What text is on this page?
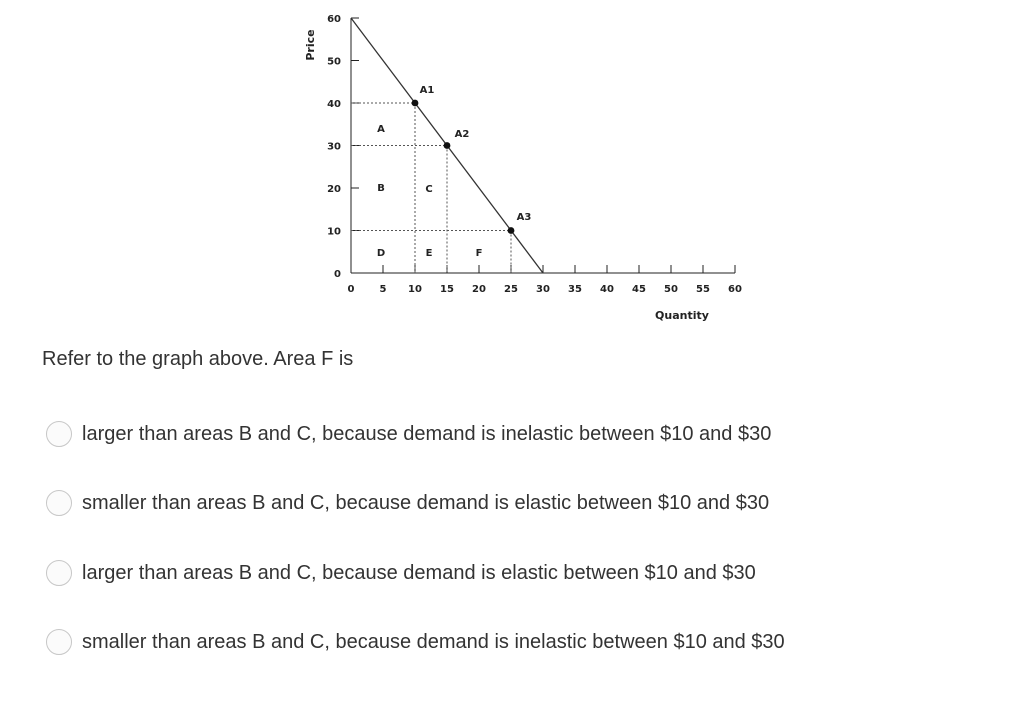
0
10
20
30
40
50
60
0	5 10 15 20 25 30 35 40 45 50 55 60
Quantity
Price
A1
A2
A3
A
B	C
D	E	F
Refer to the graph above. Area F is
larger than areas B and C, because demand is inelastic between $10 and $30
smaller than areas B and C, because demand is elastic between $10 and $30
larger than areas B and C, because demand is elastic between $10 and $30
smaller than areas B and C, because demand is inelastic between $10 and $30
